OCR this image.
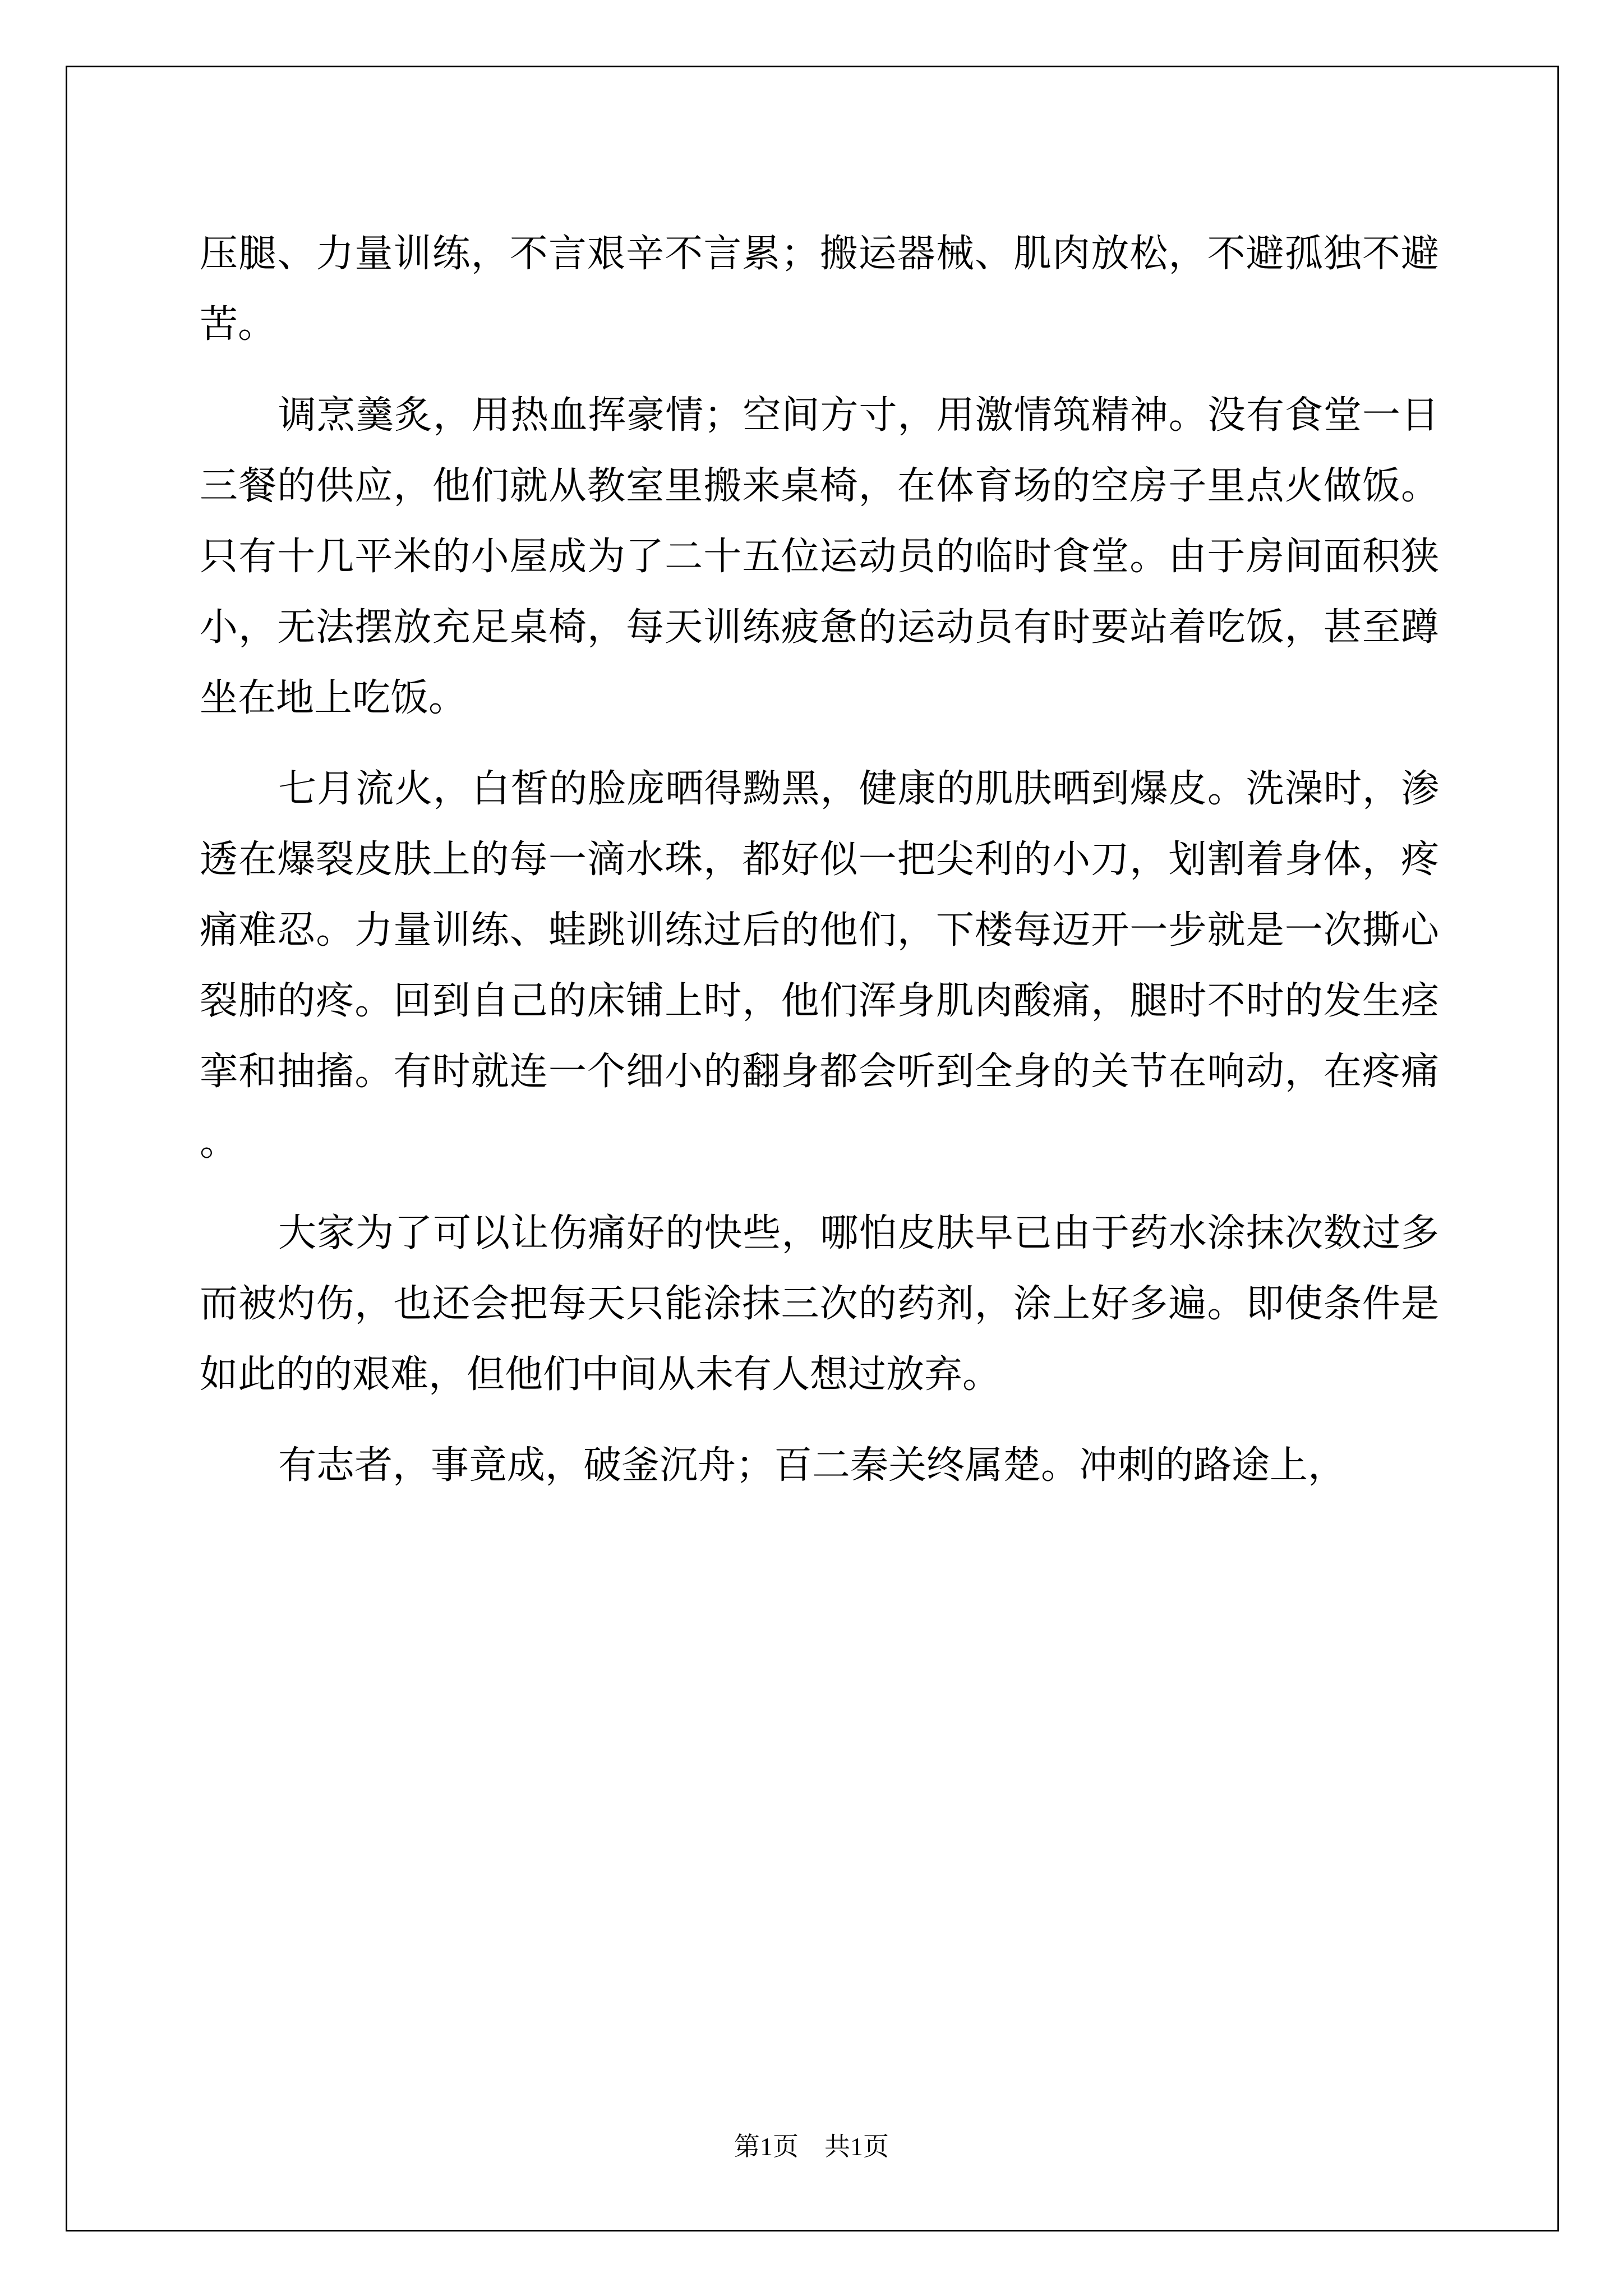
压腿、力量训练，不言艰辛不言累；搬运器械、肌肉放松，不避孤独不避苦。

调烹羹炙，用热血挥豪情；空间方寸，用激情筑精神。没有食堂一日三餐的供应，他们就从教室里搬来桌椅，在体育场的空房子里点火做饭。只有十几平米的小屋成为了二十五位运动员的临时食堂。由于房间面积狭小，无法摆放充足桌椅，每天训练疲惫的运动员有时要站着吃饭，甚至蹲坐在地上吃饭。

七月流火，白皙的脸庞晒得黝黑，健康的肌肤晒到爆皮。洗澡时，渗透在爆裂皮肤上的每一滴水珠，都好似一把尖利的小刀，划割着身体，疼痛难忍。力量训练、蛙跳训练过后的他们，下楼每迈开一步就是一次撕心裂肺的疼。回到自己的床铺上时，他们浑身肌肉酸痛，腿时不时的发生痉挛和抽搐。有时就连一个细小的翻身都会听到全身的关节在响动，在疼痛。

大家为了可以让伤痛好的快些，哪怕皮肤早已由于药水涂抹次数过多而被灼伤，也还会把每天只能涂抹三次的药剂，涂上好多遍。即使条件是如此的的艰难，但他们中间从未有人想过放弃。

有志者，事竟成，破釜沉舟；百二秦关终属楚。冲刺的路途上，

第1页　共1页
